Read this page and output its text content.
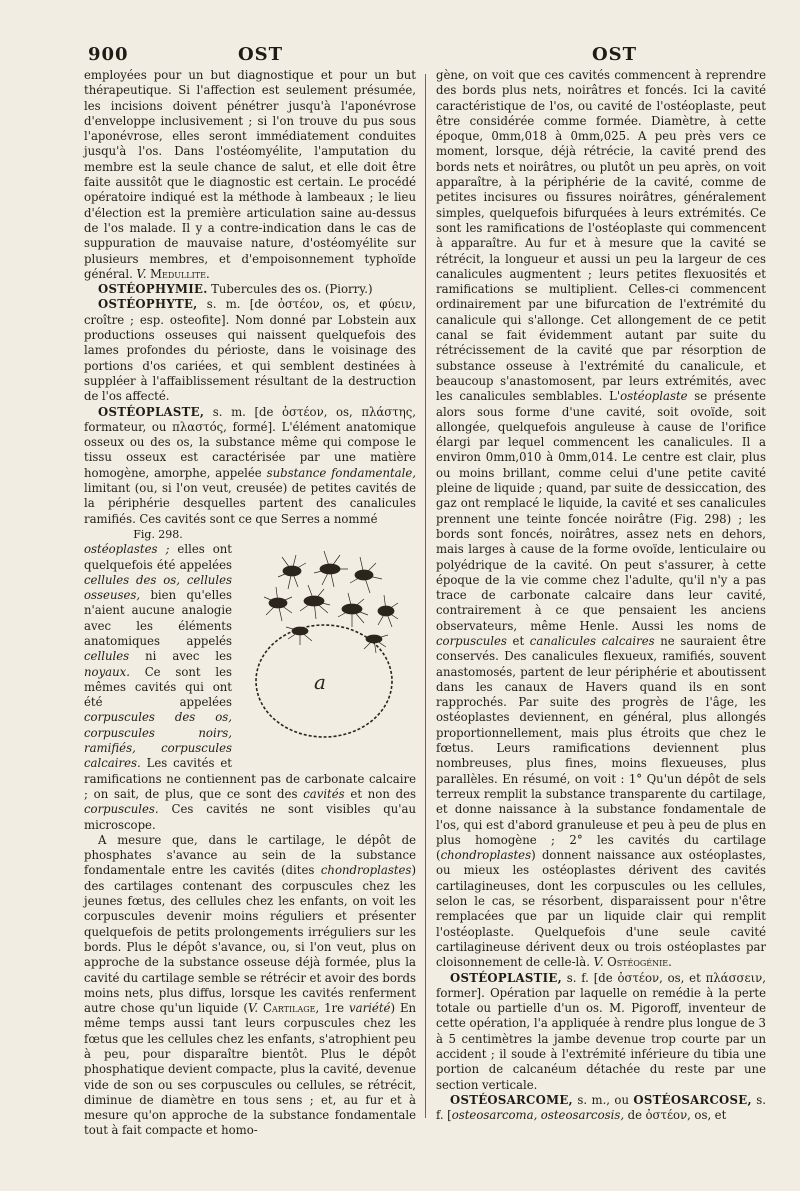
900	OST	OST

employées pour un but diagnostique et pour un but thérapeutique. Si l'affection est seulement présumée, les incisions doivent pénétrer jusqu'à l'aponévrose d'enveloppe inclusivement ; si l'on trouve du pus sous l'aponévrose, elles seront immédiatement conduites jusqu'à l'os. Dans l'ostéomyélite, l'amputation du membre est la seule chance de salut, et elle doit être faite aussitôt que le diagnostic est certain. Le procédé opératoire indiqué est la méthode à lambeaux ; le lieu d'élection est la première articulation saine au-dessus de l'os malade. Il y a contre-indication dans le cas de suppuration de mauvaise nature, d'ostéomyélite sur plusieurs membres, et d'empoisonnement typhoïde général. V. Medullite.

OSTÉOPHYMIE. Tubercules des os. (Piorry.)

OSTÉOPHYTE, s. m. [de ὀστέον, os, et φύειν, croître ; esp. osteofite]. Nom donné par Lobstein aux productions osseuses qui naissent quelquefois des lames profondes du périoste, dans le voisinage des portions d'os cariées, et qui semblent destinées à suppléer à l'affaiblissement résultant de la destruction de l'os affecté.

OSTÉOPLASTE, s. m. [de ὀστέον, os, πλάστης, formateur, ou πλαστός, formé]. L'élément anatomique osseux ou des os, la substance même qui compose le tissu osseux est caractérisée par une matière homogène, amorphe, appelée substance fondamentale, limitant (ou, si l'on veut, creusée) de petites cavités de la périphérie desquelles partent des canalicules ramifiés. Ces cavités sont ce que Serres a nommé
a

Fig. 298.
ostéoplastes ; elles ont quelquefois été appelées cellules des os, cellules osseuses, bien qu'elles n'aient aucune analogie avec les éléments anatomiques appelés cellules ni avec les noyaux. Ce sont les mêmes cavités qui ont été appelées corpuscules des os, corpuscules noirs, ramifiés, corpuscules calcaires. Les cavités et ramifications ne contiennent pas de carbonate calcaire ; on sait, de plus, que ce sont des cavités et non des corpuscules. Ces cavités ne sont visibles qu'au microscope.

A mesure que, dans le cartilage, le dépôt de phosphates s'avance au sein de la substance fondamentale entre les cavités (dites chondroplastes) des cartilages contenant des corpuscules chez les jeunes fœtus, des cellules chez les enfants, on voit les corpuscules devenir moins réguliers et présenter quelquefois de petits prolongements irréguliers sur les bords. Plus le dépôt s'avance, ou, si l'on veut, plus on approche de la substance osseuse déjà formée, plus la cavité du cartilage semble se rétrécir et avoir des bords moins nets, plus diffus, lorsque les cavités renferment autre chose qu'un liquide (V. Cartilage, 1re variété) En même temps aussi tant leurs corpuscules chez les fœtus que les cellules chez les enfants, s'atrophient peu à peu, pour disparaître bientôt. Plus le dépôt phosphatique devient compacte, plus la cavité, devenue vide de son ou ses corpuscules ou cellules, se rétrécit, diminue de diamètre en tous sens ; et, au fur et à mesure qu'on approche de la substance fondamentale tout à fait compacte et homo-

gène, on voit que ces cavités commencent à reprendre des bords plus nets, noirâtres et foncés. Ici la cavité caractéristique de l'os, ou cavité de l'ostéoplaste, peut être considérée comme formée. Diamètre, à cette époque, 0mm,018 à 0mm,025. A peu près vers ce moment, lorsque, déjà rétrécie, la cavité prend des bords nets et noirâtres, ou plutôt un peu après, on voit apparaître, à la périphérie de la cavité, comme de petites incisures ou fissures noirâtres, généralement simples, quelquefois bifurquées à leurs extrémités. Ce sont les ramifications de l'ostéoplaste qui commencent à apparaître. Au fur et à mesure que la cavité se rétrécit, la longueur et aussi un peu la largeur de ces canalicules augmentent ; leurs petites flexuosités et ramifications se multiplient. Celles-ci commencent ordinairement par une bifurcation de l'extrémité du canalicule qui s'allonge. Cet allongement de ce petit canal se fait évidemment autant par suite du rétrécissement de la cavité que par résorption de substance osseuse à l'extrémité du canalicule, et beaucoup s'anastomosent, par leurs extrémités, avec les canalicules semblables. L'ostéoplaste se présente alors sous forme d'une cavité, soit ovoïde, soit allongée, quelquefois anguleuse à cause de l'orifice élargi par lequel commencent les canalicules. Il a environ 0mm,010 à 0mm,014. Le centre est clair, plus ou moins brillant, comme celui d'une petite cavité pleine de liquide ; quand, par suite de dessiccation, des gaz ont remplacé le liquide, la cavité et ses canalicules prennent une teinte foncée noirâtre (Fig. 298) ; les bords sont foncés, noirâtres, assez nets en dehors, mais larges à cause de la forme ovoïde, lenticulaire ou polyédrique de la cavité. On peut s'assurer, à cette époque de la vie comme chez l'adulte, qu'il n'y a pas trace de carbonate calcaire dans leur cavité, contrairement à ce que pensaient les anciens observateurs, même Henle. Aussi les noms de corpuscules et canalicules calcaires ne sauraient être conservés. Des canalicules flexueux, ramifiés, souvent anastomosés, partent de leur périphérie et aboutissent dans les canaux de Havers quand ils en sont rapprochés. Par suite des progrès de l'âge, les ostéoplastes deviennent, en général, plus allongés proportionnellement, mais plus étroits que chez le fœtus. Leurs ramifications deviennent plus nombreuses, plus fines, moins flexueuses, plus parallèles. En résumé, on voit : 1° Qu'un dépôt de sels terreux remplit la substance transparente du cartilage, et donne naissance à la substance fondamentale de l'os, qui est d'abord granuleuse et peu à peu de plus en plus homogène ; 2° les cavités du cartilage (chondroplastes) donnent naissance aux ostéoplastes, ou mieux les ostéoplastes dérivent des cavités cartilagineuses, dont les corpuscules ou les cellules, selon le cas, se résorbent, disparaissent pour n'être remplacées que par un liquide clair qui remplit l'ostéoplaste. Quelquefois d'une seule cavité cartilagineuse dérivent deux ou trois ostéoplastes par cloisonnement de celle-là. V. Ostéogénie.

OSTÉOPLASTIE, s. f. [de ὀστέον, os, et πλάσσειν, former]. Opération par laquelle on remédie à la perte totale ou partielle d'un os. M. Pigoroff, inventeur de cette opération, l'a appliquée à rendre plus longue de 3 à 5 centimètres la jambe devenue trop courte par un accident ; il soude à l'extrémité inférieure du tibia une portion de calcanéum détachée du reste par une section verticale.

OSTÉOSARCOME, s. m., ou OSTÉOSARCOSE, s. f. [osteosarcoma, osteosarcosis, de ὀστέον, os, et
